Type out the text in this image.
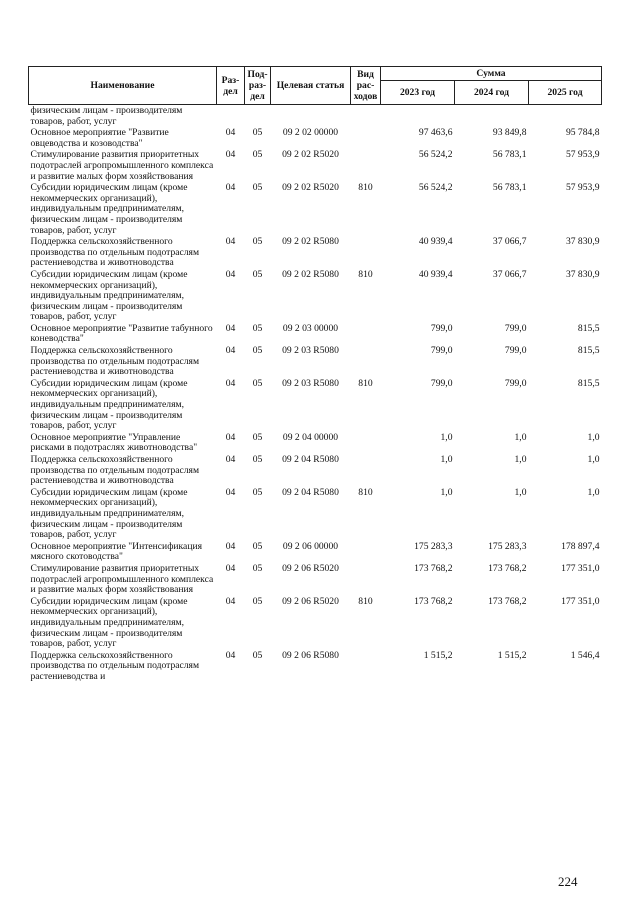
Наименование	Раз-дел	Под-раз-дел	Целевая статья	Вид рас-ходов	Сумма		
					2023 год	2024 год	2025 год
физическим лицам - производителям товаров, работ, услуг							
Основное мероприятие "Развитие овцеводства и козоводства"	04	05	09 2 02 00000		97 463,6	93 849,8	95 784,8
Стимулирование развития приоритетных подотраслей агропромышленного комплекса и развитие малых форм хозяйствования	04	05	09 2 02 R5020		56 524,2	56 783,1	57 953,9
Субсидии юридическим лицам (кроме некоммерческих организаций), индивидуальным предпринимателям, физическим лицам - производителям товаров, работ, услуг	04	05	09 2 02 R5020	810	56 524,2	56 783,1	57 953,9
Поддержка сельскохозяйственного производства по отдельным подотраслям растениеводства и животноводства	04	05	09 2 02 R5080		40 939,4	37 066,7	37 830,9
Субсидии юридическим лицам (кроме некоммерческих организаций), индивидуальным предпринимателям, физическим лицам - производителям товаров, работ, услуг	04	05	09 2 02 R5080	810	40 939,4	37 066,7	37 830,9
Основное мероприятие "Развитие табунного коневодства"	04	05	09 2 03 00000		799,0	799,0	815,5
Поддержка сельскохозяйственного производства по отдельным подотраслям растениеводства и животноводства	04	05	09 2 03 R5080		799,0	799,0	815,5
Субсидии юридическим лицам (кроме некоммерческих организаций), индивидуальным предпринимателям, физическим лицам - производителям товаров, работ, услуг	04	05	09 2 03 R5080	810	799,0	799,0	815,5
Основное мероприятие "Управление рисками в подотраслях животноводства"	04	05	09 2 04 00000		1,0	1,0	1,0
Поддержка сельскохозяйственного производства по отдельным подотраслям растениеводства и животноводства	04	05	09 2 04 R5080		1,0	1,0	1,0
Субсидии юридическим лицам (кроме некоммерческих организаций), индивидуальным предпринимателям, физическим лицам - производителям товаров, работ, услуг	04	05	09 2 04 R5080	810	1,0	1,0	1,0
Основное мероприятие "Интенсификация мясного скотоводства"	04	05	09 2 06 00000		175 283,3	175 283,3	178 897,4
Стимулирование развития приоритетных подотраслей агропромышленного комплекса и развитие малых форм хозяйствования	04	05	09 2 06 R5020		173 768,2	173 768,2	177 351,0
Субсидии юридическим лицам (кроме некоммерческих организаций), индивидуальным предпринимателям, физическим лицам - производителям товаров, работ, услуг	04	05	09 2 06 R5020	810	173 768,2	173 768,2	177 351,0
Поддержка сельскохозяйственного производства по отдельным подотраслям растениеводства и	04	05	09 2 06 R5080		1 515,2	1 515,2	1 546,4
224
